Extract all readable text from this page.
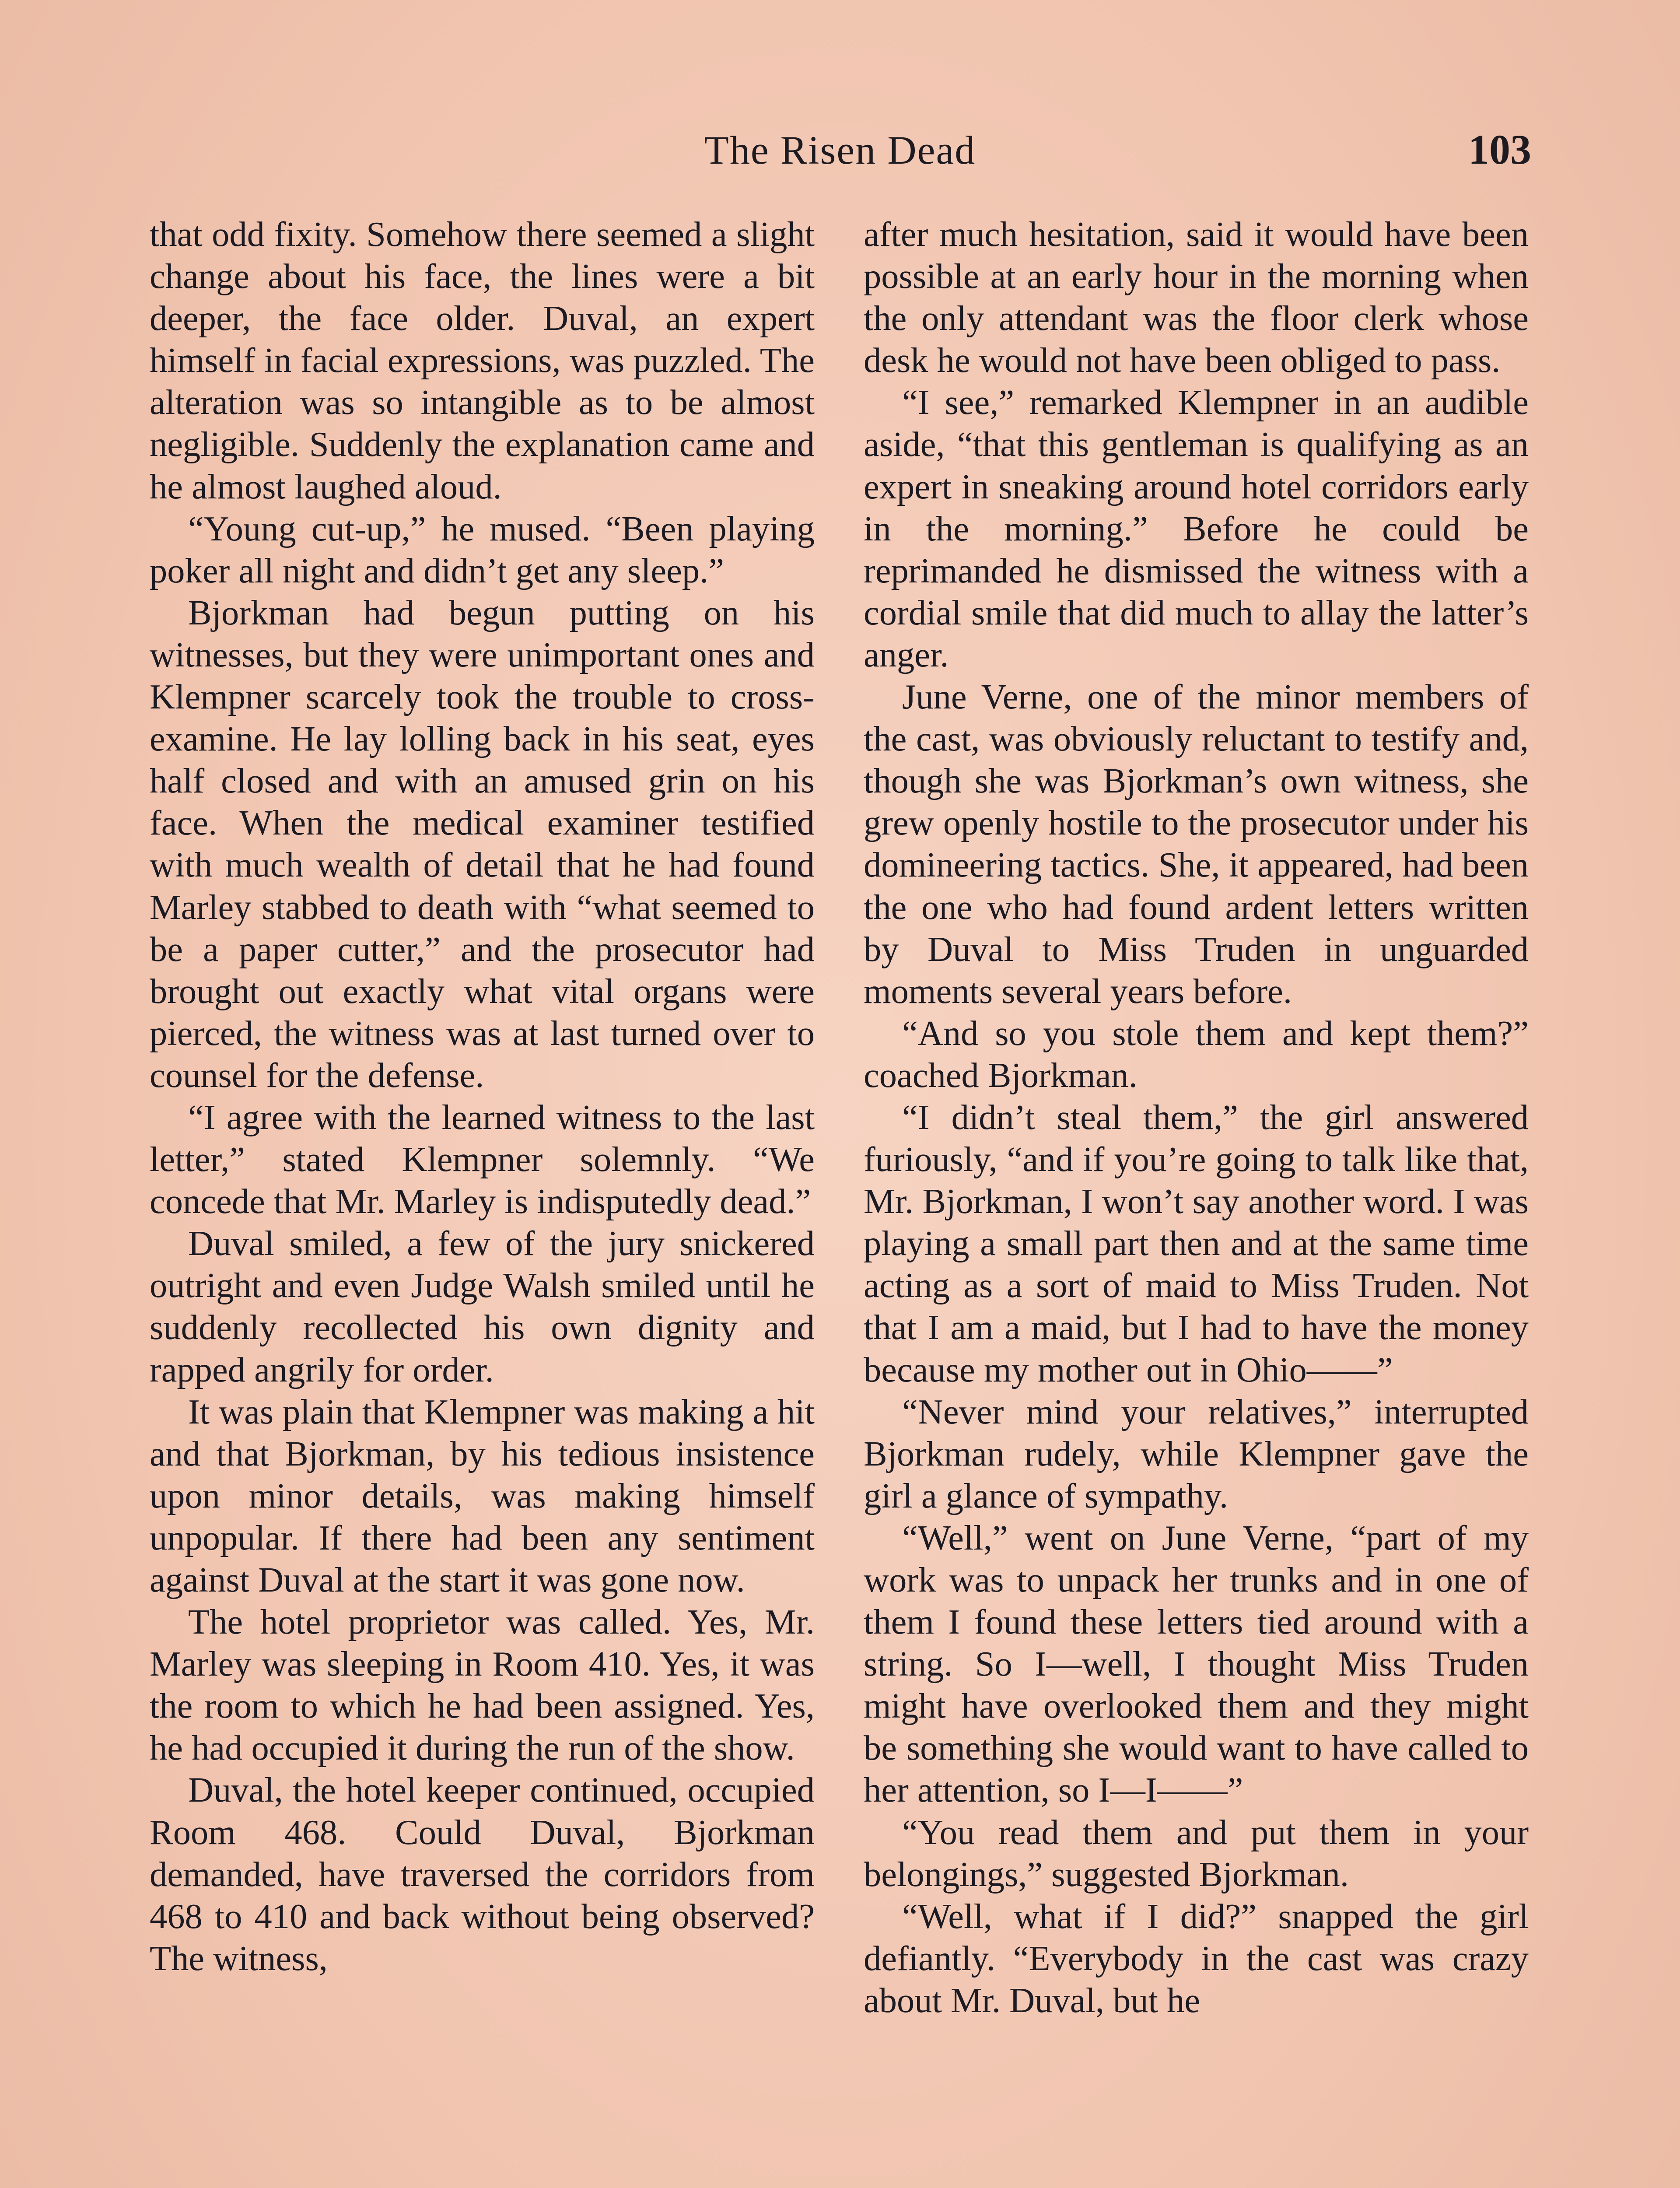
The Risen Dead	103

that odd fixity. Somehow there seemed a slight change about his face, the lines were a bit deeper, the face older. Duval, an expert himself in facial expressions, was puzzled. The alteration was so intangible as to be almost negligible. Suddenly the explanation came and he almost laughed aloud.

“Young cut-up,” he mused. “Been playing poker all night and didn’t get any sleep.”

Bjorkman had begun putting on his witnesses, but they were unimportant ones and Klempner scarcely took the trouble to cross-examine. He lay lolling back in his seat, eyes half closed and with an amused grin on his face. When the medical examiner testified with much wealth of detail that he had found Marley stabbed to death with “what seemed to be a paper cutter,” and the prosecutor had brought out exactly what vital organs were pierced, the witness was at last turned over to counsel for the defense.

“I agree with the learned witness to the last letter,” stated Klempner solemnly. “We concede that Mr. Marley is indisputedly dead.”

Duval smiled, a few of the jury snickered outright and even Judge Walsh smiled until he suddenly recollected his own dignity and rapped angrily for order.

It was plain that Klempner was making a hit and that Bjorkman, by his tedious insistence upon minor details, was making himself unpopular. If there had been any sentiment against Duval at the start it was gone now.

The hotel proprietor was called. Yes, Mr. Marley was sleeping in Room 410. Yes, it was the room to which he had been assigned. Yes, he had occupied it during the run of the show.

Duval, the hotel keeper continued, occupied Room 468. Could Duval, Bjorkman demanded, have traversed the corridors from 468 to 410 and back without being observed? The witness,

after much hesitation, said it would have been possible at an early hour in the morning when the only attendant was the floor clerk whose desk he would not have been obliged to pass.

“I see,” remarked Klempner in an audible aside, “that this gentleman is qualifying as an expert in sneaking around hotel corridors early in the morning.” Before he could be reprimanded he dismissed the witness with a cordial smile that did much to allay the latter’s anger.

June Verne, one of the minor members of the cast, was obviously reluctant to testify and, though she was Bjorkman’s own witness, she grew openly hostile to the prosecutor under his domineering tactics. She, it appeared, had been the one who had found ardent letters written by Duval to Miss Truden in unguarded moments several years before.

“And so you stole them and kept them?” coached Bjorkman.

“I didn’t steal them,” the girl answered furiously, “and if you’re going to talk like that, Mr. Bjorkman, I won’t say another word. I was playing a small part then and at the same time acting as a sort of maid to Miss Truden. Not that I am a maid, but I had to have the money because my mother out in Ohio——”

“Never mind your relatives,” interrupted Bjorkman rudely, while Klempner gave the girl a glance of sympathy.

“Well,” went on June Verne, “part of my work was to unpack her trunks and in one of them I found these letters tied around with a string. So I—well, I thought Miss Truden might have overlooked them and they might be something she would want to have called to her attention, so I—I——”

“You read them and put them in your belongings,” suggested Bjorkman.

“Well, what if I did?” snapped the girl defiantly. “Everybody in the cast was crazy about Mr. Duval, but he
